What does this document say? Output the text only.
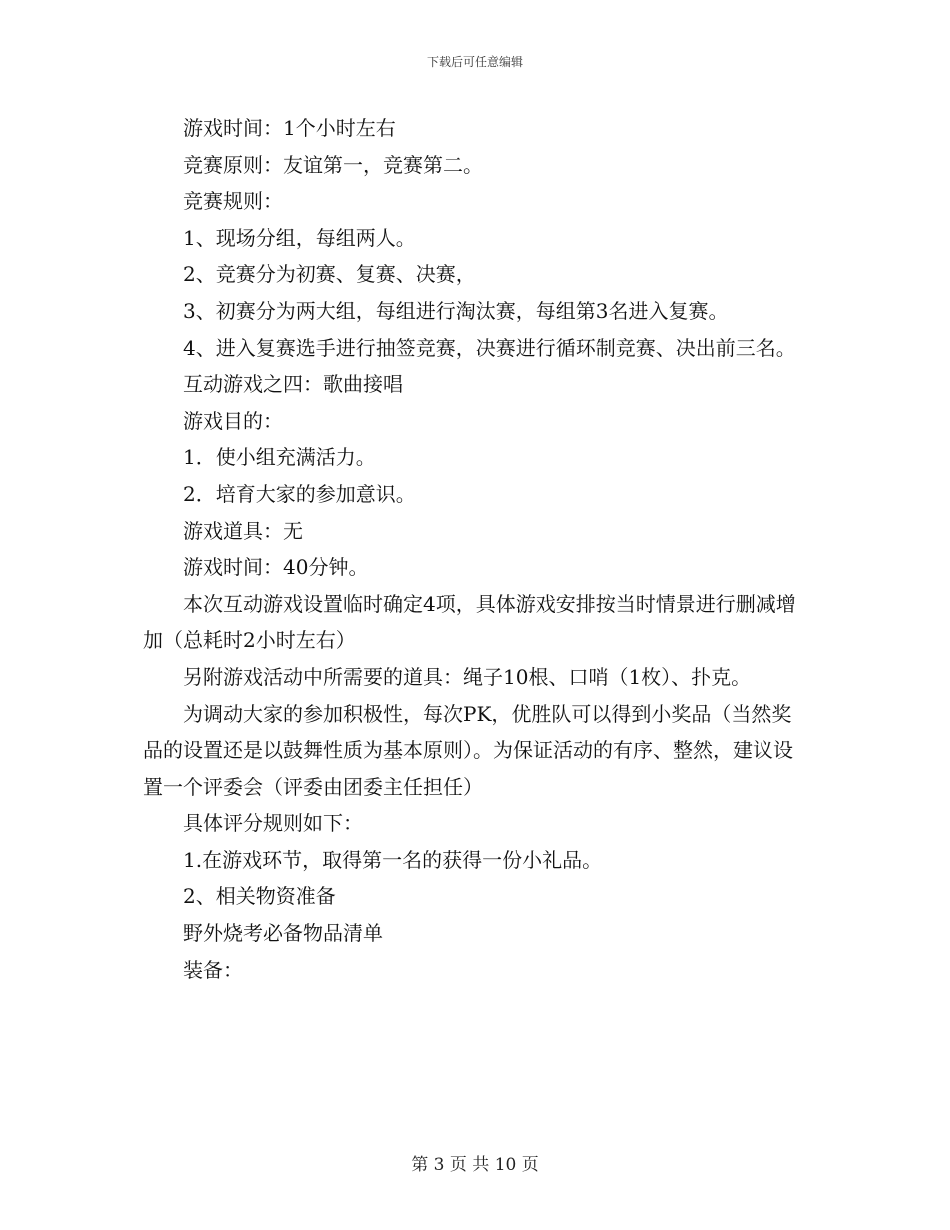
下载后可任意编辑

游戏时间：1个小时左右

竞赛原则：友谊第一，竞赛第二。

竞赛规则：

1、现场分组，每组两人。

2、竞赛分为初赛、复赛、决赛，

3、初赛分为两大组，每组进行淘汰赛，每组第3名进入复赛。

4、进入复赛选手进行抽签竞赛，决赛进行循环制竞赛、决出前三名。

互动游戏之四：歌曲接唱

游戏目的：

1．使小组充满活力。

2．培育大家的参加意识。

游戏道具：无

游戏时间：40分钟。

本次互动游戏设置临时确定4项，具体游戏安排按当时情景进行删减增加（总耗时2小时左右）

另附游戏活动中所需要的道具：绳子10根、口哨（1枚）、扑克。

为调动大家的参加积极性，每次PK，优胜队可以得到小奖品（当然奖品的设置还是以鼓舞性质为基本原则）。为保证活动的有序、整然，建议设置一个评委会（评委由团委主任担任）

具体评分规则如下：

1.在游戏环节，取得第一名的获得一份小礼品。

2、相关物资准备

野外烧考必备物品清单

装备：

第 3 页 共 10 页
